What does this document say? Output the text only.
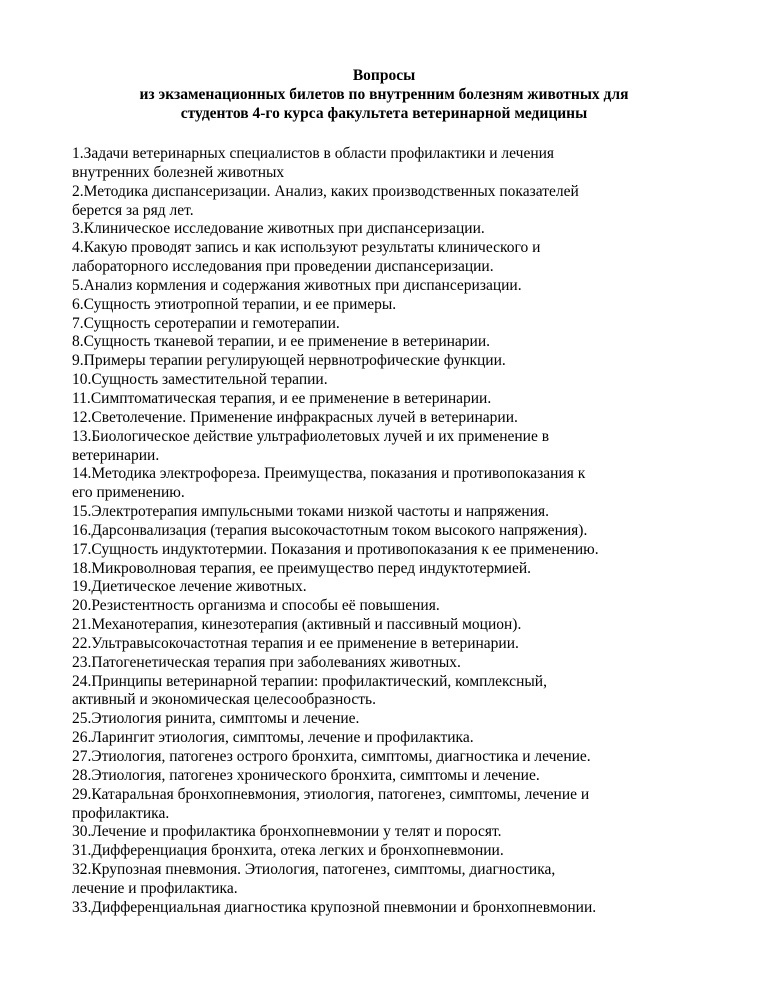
Вопросы
из экзаменационных билетов по внутренним болезням животных для
студентов 4-го курса факультета ветеринарной медицины
1.Задачи ветеринарных специалистов в области профилактики и лечения
внутренних болезней животных
2.Методика диспансеризации. Анализ, каких производственных показателей
берется за ряд лет.
3.Клиническое исследование животных при диспансеризации.
4.Какую проводят запись и как используют результаты клинического и
лабораторного исследования при проведении диспансеризации.
5.Анализ кормления и содержания животных при диспансеризации.
6.Сущность этиотропной терапии, и ее примеры.
7.Сущность серотерапии и гемотерапии.
8.Сущность тканевой терапии, и ее применение в ветеринарии.
9.Примеры терапии регулирующей нервнотрофические функции.
10.Сущность заместительной терапии.
11.Симптоматическая терапия, и ее применение в ветеринарии.
12.Светолечение. Применение инфракрасных лучей в ветеринарии.
13.Биологическое действие ультрафиолетовых лучей и их применение в
ветеринарии.
14.Методика электрофореза. Преимущества, показания и противопоказания к
его применению.
15.Электротерапия импульсными токами низкой частоты и напряжения.
16.Дарсонвализация (терапия высокочастотным током высокого напряжения).
17.Сущность индуктотермии. Показания и противопоказания к ее применению.
18.Микроволновая терапия, ее преимущество перед индуктотермией.
19.Диетическое лечение животных.
20.Резистентность организма и способы её повышения.
21.Механотерапия, кинезотерапия (активный и пассивный моцион).
22.Ультравысокочастотная терапия и ее применение в ветеринарии.
23.Патогенетическая терапия при заболеваниях животных.
24.Принципы ветеринарной терапии: профилактический, комплексный,
активный и экономическая целесообразность.
25.Этиология ринита, симптомы и лечение.
26.Ларингит этиология, симптомы, лечение и профилактика.
27.Этиология, патогенез острого бронхита, симптомы, диагностика и лечение.
28.Этиология, патогенез хронического бронхита, симптомы и лечение.
29.Катаральная бронхопневмония, этиология, патогенез, симптомы, лечение и
профилактика.
30.Лечение и профилактика бронхопневмонии у телят и поросят.
31.Дифференциация бронхита, отека легких и бронхопневмонии.
32.Крупозная пневмония. Этиология, патогенез, симптомы, диагностика,
лечение и профилактика.
33.Дифференциальная диагностика крупозной пневмонии и бронхопневмонии.
